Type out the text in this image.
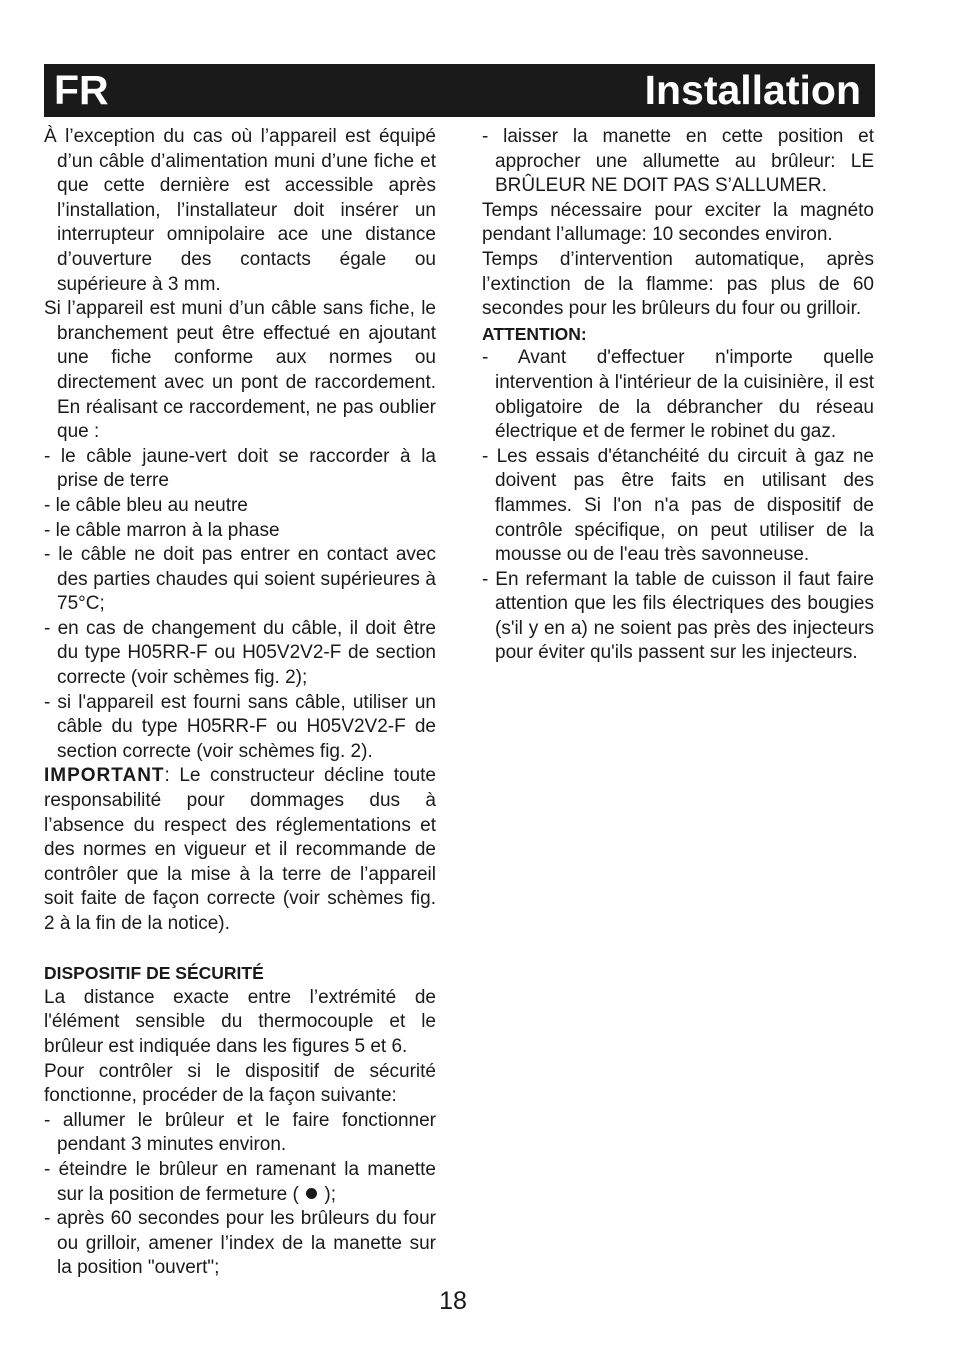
FR	Installation

À l’exception du cas où l’appareil est équipé d’un câble d’alimentation muni d’une fiche et que cette dernière est accessible après l’installation, l’installateur doit insérer un interrupteur omnipolaire ace une distance d’ouverture des contacts égale ou supérieure à 3 mm.

Si l’appareil est muni d’un câble sans fiche, le branchement peut être effectué en ajoutant une fiche conforme aux normes ou directement avec un pont de raccordement. En réalisant ce raccordement, ne pas oublier que :

- le câble jaune-vert doit se raccorder à la prise de terre

- le câble bleu au neutre

- le câble marron à la phase

- le câble ne doit pas entrer en contact avec des parties chaudes qui soient supérieures à 75°C;

- en cas de changement du câble, il doit être du type H05RR-F ou H05V2V2-F de section correcte (voir schèmes fig. 2);

- si l'appareil est fourni sans câble, utiliser un câble du type H05RR-F ou H05V2V2-F de section correcte (voir schèmes fig. 2).

IMPORTANT: Le constructeur décline toute responsabilité pour dommages dus à l’absence du respect des réglementations et des normes en vigueur et il recommande de contrôler que la mise à la terre de l’appareil soit faite de façon correcte (voir schèmes fig. 2 à la fin de la notice).

DISPOSITIF DE SÉCURITÉ

La distance exacte entre l’extrémité de l'élément sensible du thermocouple et le brûleur est indiquée dans les figures 5 et 6.

Pour contrôler si le dispositif de sécurité fonctionne, procéder de la façon suivante:

- allumer le brûleur et le faire fonctionner pendant 3 minutes environ.

- éteindre le brûleur en ramenant la manette sur la position de fermeture ( );

- après 60 secondes pour les brûleurs du four ou grilloir, amener l’index de la manette sur la position "ouvert";

- laisser la manette en cette position et approcher une allumette au brûleur: LE BRÛLEUR NE DOIT PAS S’ALLUMER.

Temps nécessaire pour exciter la magnéto pendant l’allumage: 10 secondes environ.

Temps d’intervention automatique, après l’extinction de la flamme: pas plus de 60 secondes pour les brûleurs du four ou grilloir.

ATTENTION:

- Avant d'effectuer n'importe quelle intervention à l'intérieur de la cuisinière, il est obligatoire de la débrancher du réseau électrique et de fermer le robinet du gaz.

- Les essais d'étanchéité du circuit à gaz ne doivent pas être faits en utilisant des flammes. Si l'on n'a pas de dispositif de contrôle spécifique, on peut utiliser de la mousse ou de l'eau très savonneuse.

- En refermant la table de cuisson il faut faire attention que les fils électriques des bougies (s'il y en a) ne soient pas près des injecteurs pour éviter qu'ils passent sur les injecteurs.

18
